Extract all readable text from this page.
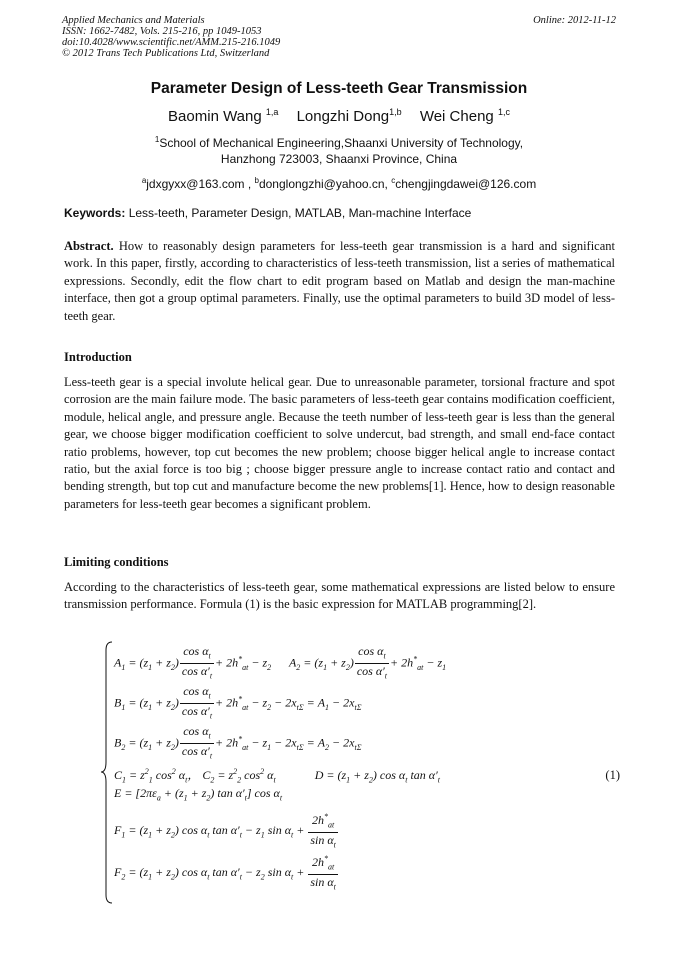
Applied Mechanics and Materials
ISSN: 1662-7482, Vols. 215-216, pp 1049-1053
doi:10.4028/www.scientific.net/AMM.215-216.1049
© 2012 Trans Tech Publications Ltd, Switzerland
Online: 2012-11-12
Parameter Design of Less-teeth Gear Transmission
Baomin Wang $^{1,a}$ Longzhi Dong$^{1,b}$ Wei Cheng $^{1,c}$
$^1$School of Mechanical Engineering,Shaanxi University of Technology,
Hanzhong 723003, Shaanxi Province, China
$^a$jdxgyxx@163.com , $^b$donglongzhi@yahoo.cn, $^c$chengjingdawei@126.com
Keywords: Less-teeth, Parameter Design, MATLAB, Man-machine Interface
Abstract. How to reasonably design parameters for less-teeth gear transmission is a hard and significant work. In this paper, firstly, according to characteristics of less-teeth transmission, list a series of mathematical expressions. Secondly, edit the flow chart to edit program based on Matlab and design the man-machine interface, then got a group optimal parameters. Finally, use the optimal parameters to build 3D model of less-teeth gear.
Introduction
Less-teeth gear is a special involute helical gear. Due to unreasonable parameter, torsional fracture and spot corrosion are the main failure mode. The basic parameters of less-teeth gear contains modification coefficient, module, helical angle, and pressure angle. Because the teeth number of less-teeth gear is less than the general gear, we choose bigger modification coefficient to solve undercut, bad strength, and small end-face contact ratio problems, however, top cut becomes the new problem; choose bigger helical angle to increase contact ratio, but the axial force is too big ; choose bigger pressure angle to increase contact ratio and contact and bending strength, but top cut and manufacture become the new problems[1]. Hence, how to design reasonable parameters for less-teeth gear becomes a significant problem.
Limiting conditions
According to the characteristics of less-teeth gear, some mathematical expressions are listed below to ensure transmission performance. Formula (1) is the basic expression for MATLAB programming[2].
$A_1 = (z_1 + z_2) \frac{\cos \alpha_t}{\cos \alpha'_t} + 2h^*_{at} - z_2$      $A_2 = (z_1 + z_2) \frac{\cos \alpha_t}{\cos \alpha'_t} + 2h^*_{at} - z_1$
$B_1 = (z_1 + z_2) \frac{\cos \alpha_t}{\cos \alpha'_t} + 2h^*_{at} - z_2 - 2x_{t\Sigma} = A_1 - 2x_{t\Sigma}$
$B_2 = (z_1 + z_2) \frac{\cos \alpha_t}{\cos \alpha'_t} + 2h^*_{at} - z_1 - 2x_{t\Sigma} = A_2 - 2x_{t\Sigma}$
$C_1 = z^2_1$ $\cos^2 \alpha_t$， $C_2 = z^2_2$ $\cos^2 \alpha_t$             $D = (z_1 + z_2)$ $\cos \alpha_t$ $\tan \alpha'_t$
$E = [2\pi\varepsilon_a + (z_1 + z_2)$ $\tan \alpha'_t$] $\cos \alpha_t$
$F_1 = (z_1 + z_2)$ $\cos \alpha_t$ $\tan \alpha'_t - z_1$ $\sin \alpha_t + \frac{2h^*_{at}}{\sin \alpha_t}$
$F_2 = (z_1 + z_2)$ $\cos \alpha_t$ $\tan \alpha'_t - z_2$ $\sin \alpha_t + \frac{2h^*_{at}}{\sin \alpha_t}$
(1)
